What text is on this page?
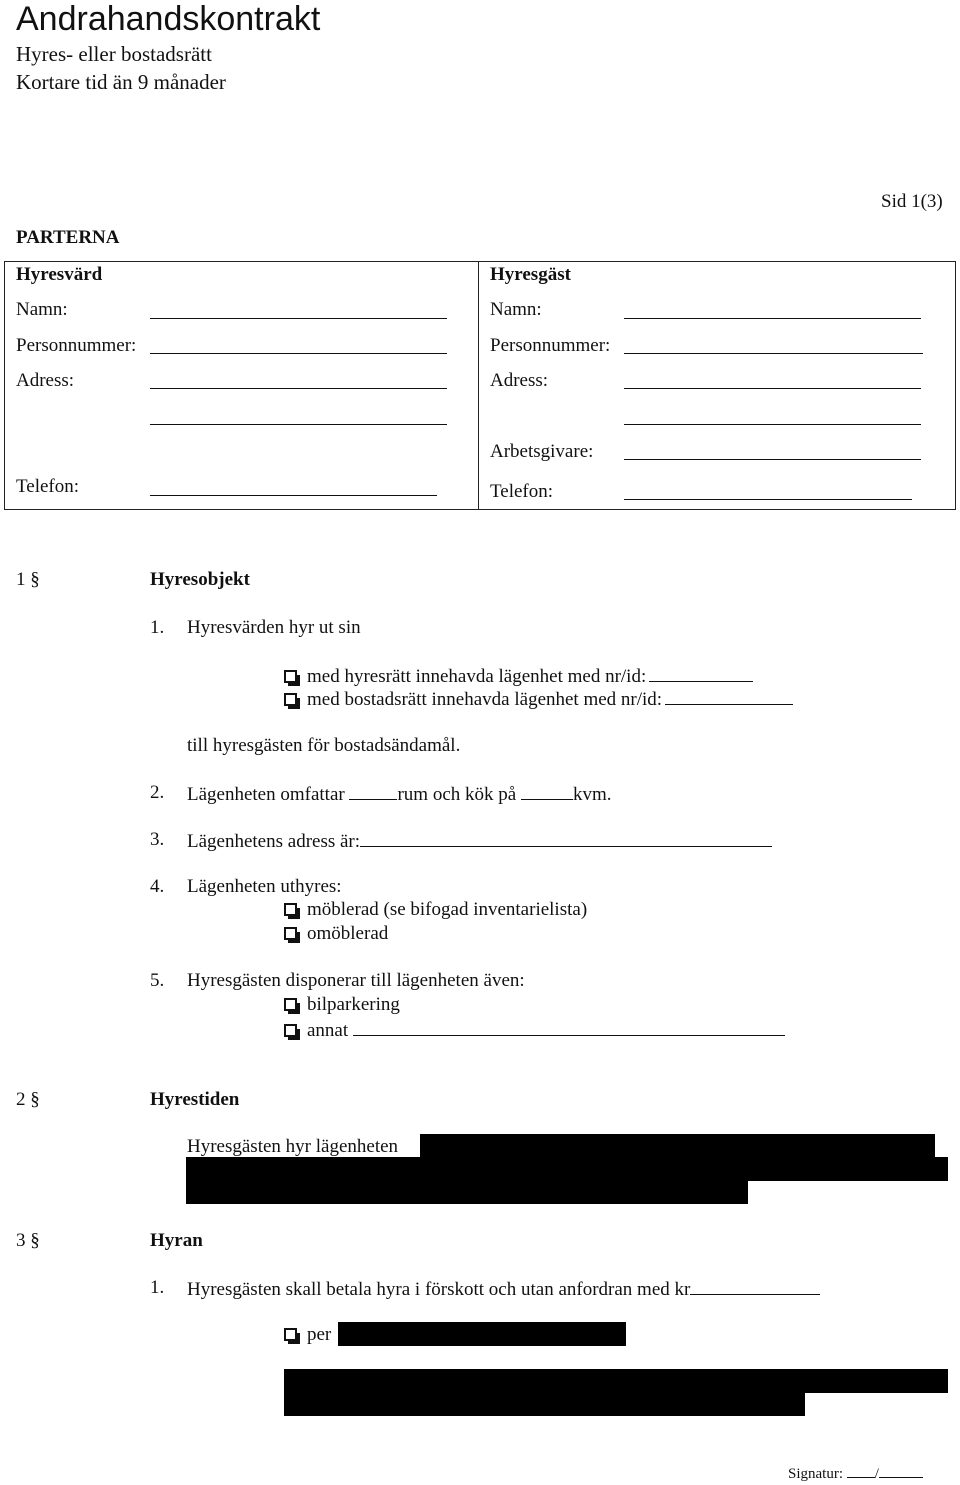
Andrahandskontrakt
Hyres- eller bostadsrätt
Kortare tid än 9 månader
Sid 1(3)
PARTERNA
Hyresvärd
Namn:
Personnummer:
Adress:
Telefon:
Hyresgäst
Namn:
Personnummer:
Adress:
Arbetsgivare:
Telefon:
1 §	Hyresobjekt
1. Hyresvärden hyr ut sin
med hyresrätt innehavda lägenhet med nr/id:
med bostadsrätt innehavda lägenhet med nr/id:
till hyresgästen för bostadsändamål.
2. Lägenheten omfattar	rum och kök på	kvm.
3. Lägenhetens adress är:
4. Lägenheten uthyres:
möblerad (se bifogad inventarielista)
omöblerad
5. Hyresgästen disponerar till lägenheten även:
bilparkering
annat
2 §	Hyrestiden
Hyresgästen hyr lägenheten
3 §	Hyran
1. Hyresgästen skall betala hyra i förskott och utan anfordran med kr
per
Signatur: /
